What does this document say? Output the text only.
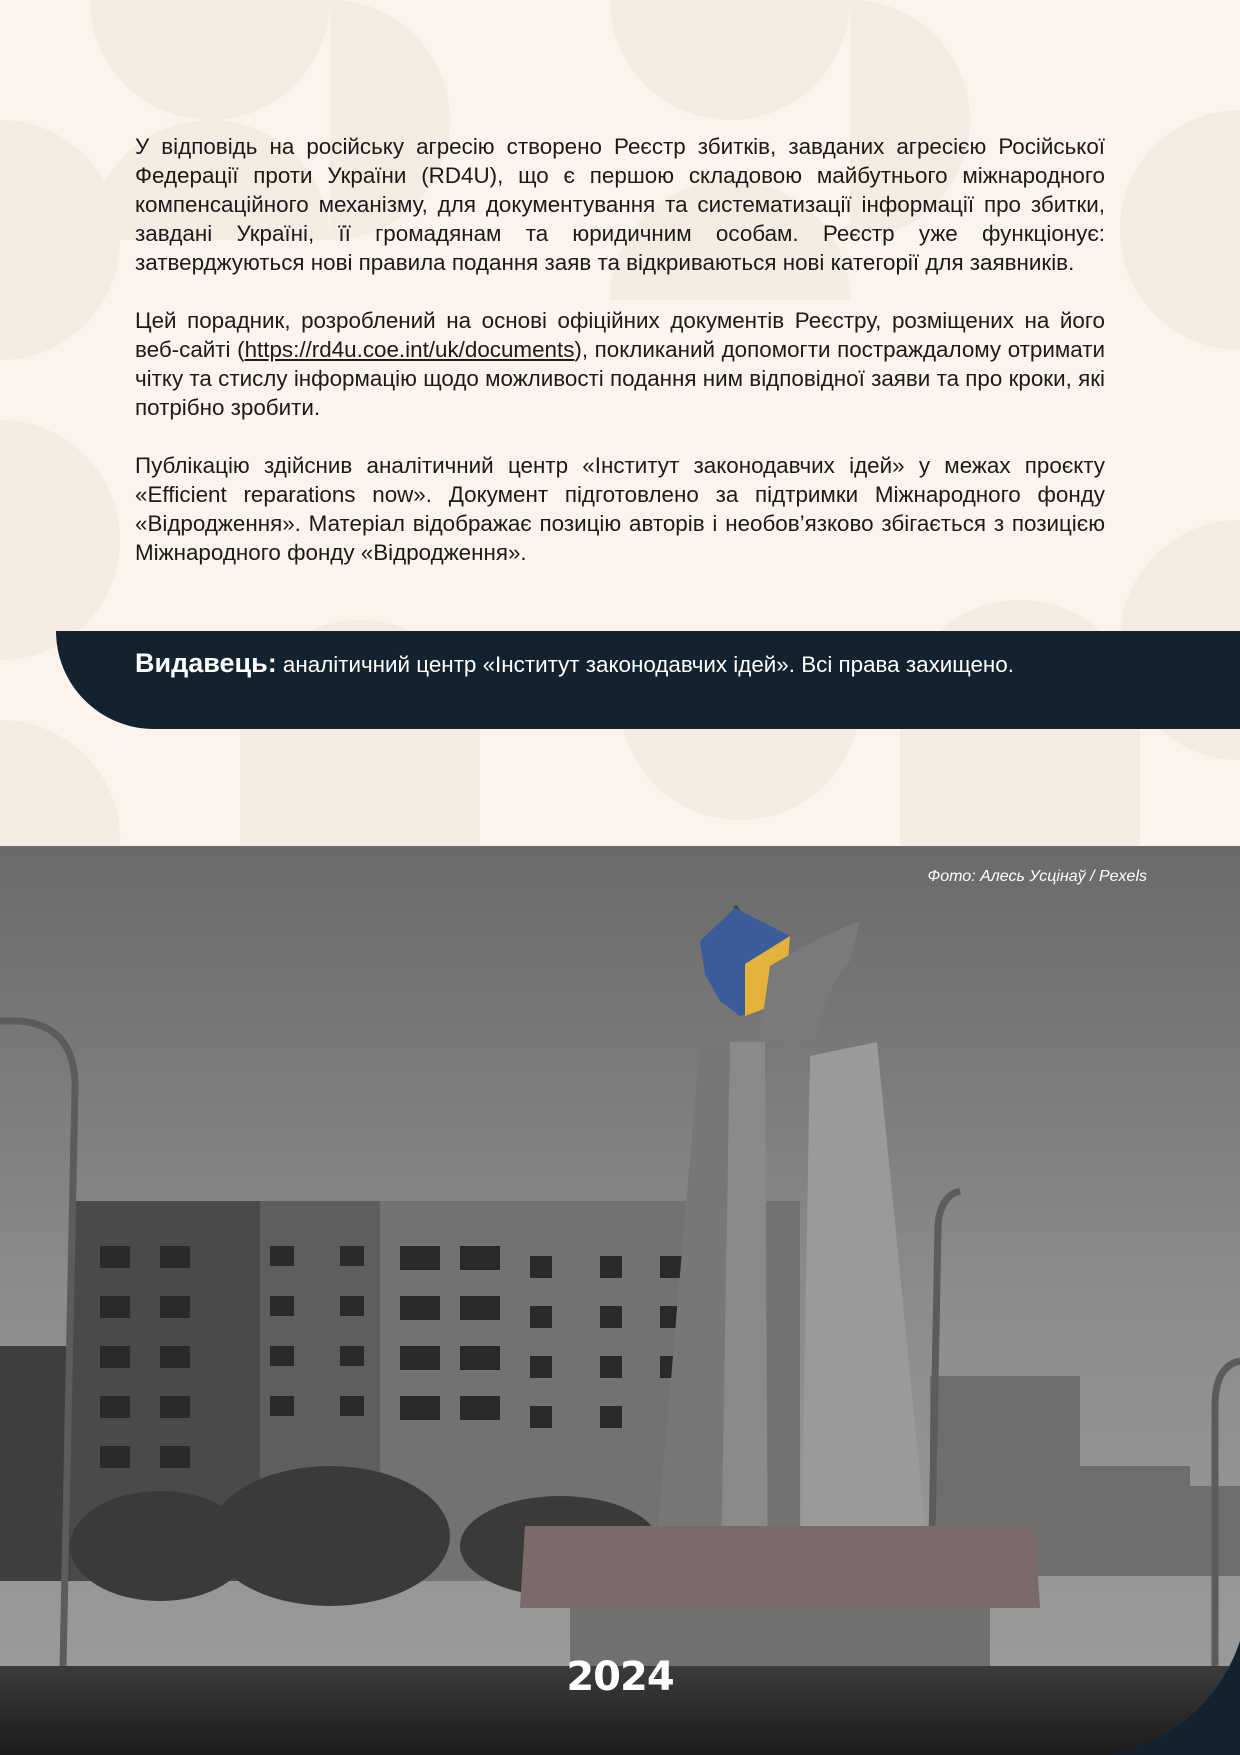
У відповідь на російську агресію створено Реєстр збитків, завданих агресією Російської Федерації проти України (RD4U), що є першою складовою майбутнього міжнародного компенсаційного механізму, для документування та систематизації інформації про збитки, завдані Україні, її громадянам та юридичним особам. Реєстр уже функціонує: затверджуються нові правила подання заяв та відкриваються нові категорії для заявників.

Цей порадник, розроблений на основі офіційних документів Реєстру, розміщених на його веб-сайті (https://rd4u.coe.int/uk/documents), покликаний допомогти постраждалому отримати чітку та стислу інформацію щодо можливості подання ним відповідної заяви та про кроки, які потрібно зробити.

Публікацію здійснив аналітичний центр «Інститут законодавчих ідей» у межах проєкту «Efficient reparations now». Документ підготовлено за підтримки Міжнародного фонду «Відродження». Матеріал відображає позицію авторів і необов’язково збігається з позицією Міжнародного фонду «Відродження».

Видавець: аналітичний центр «Інститут законодавчих ідей». Всі права захищено.

Фото: Алесь Усцінаў / Pexels
2024
